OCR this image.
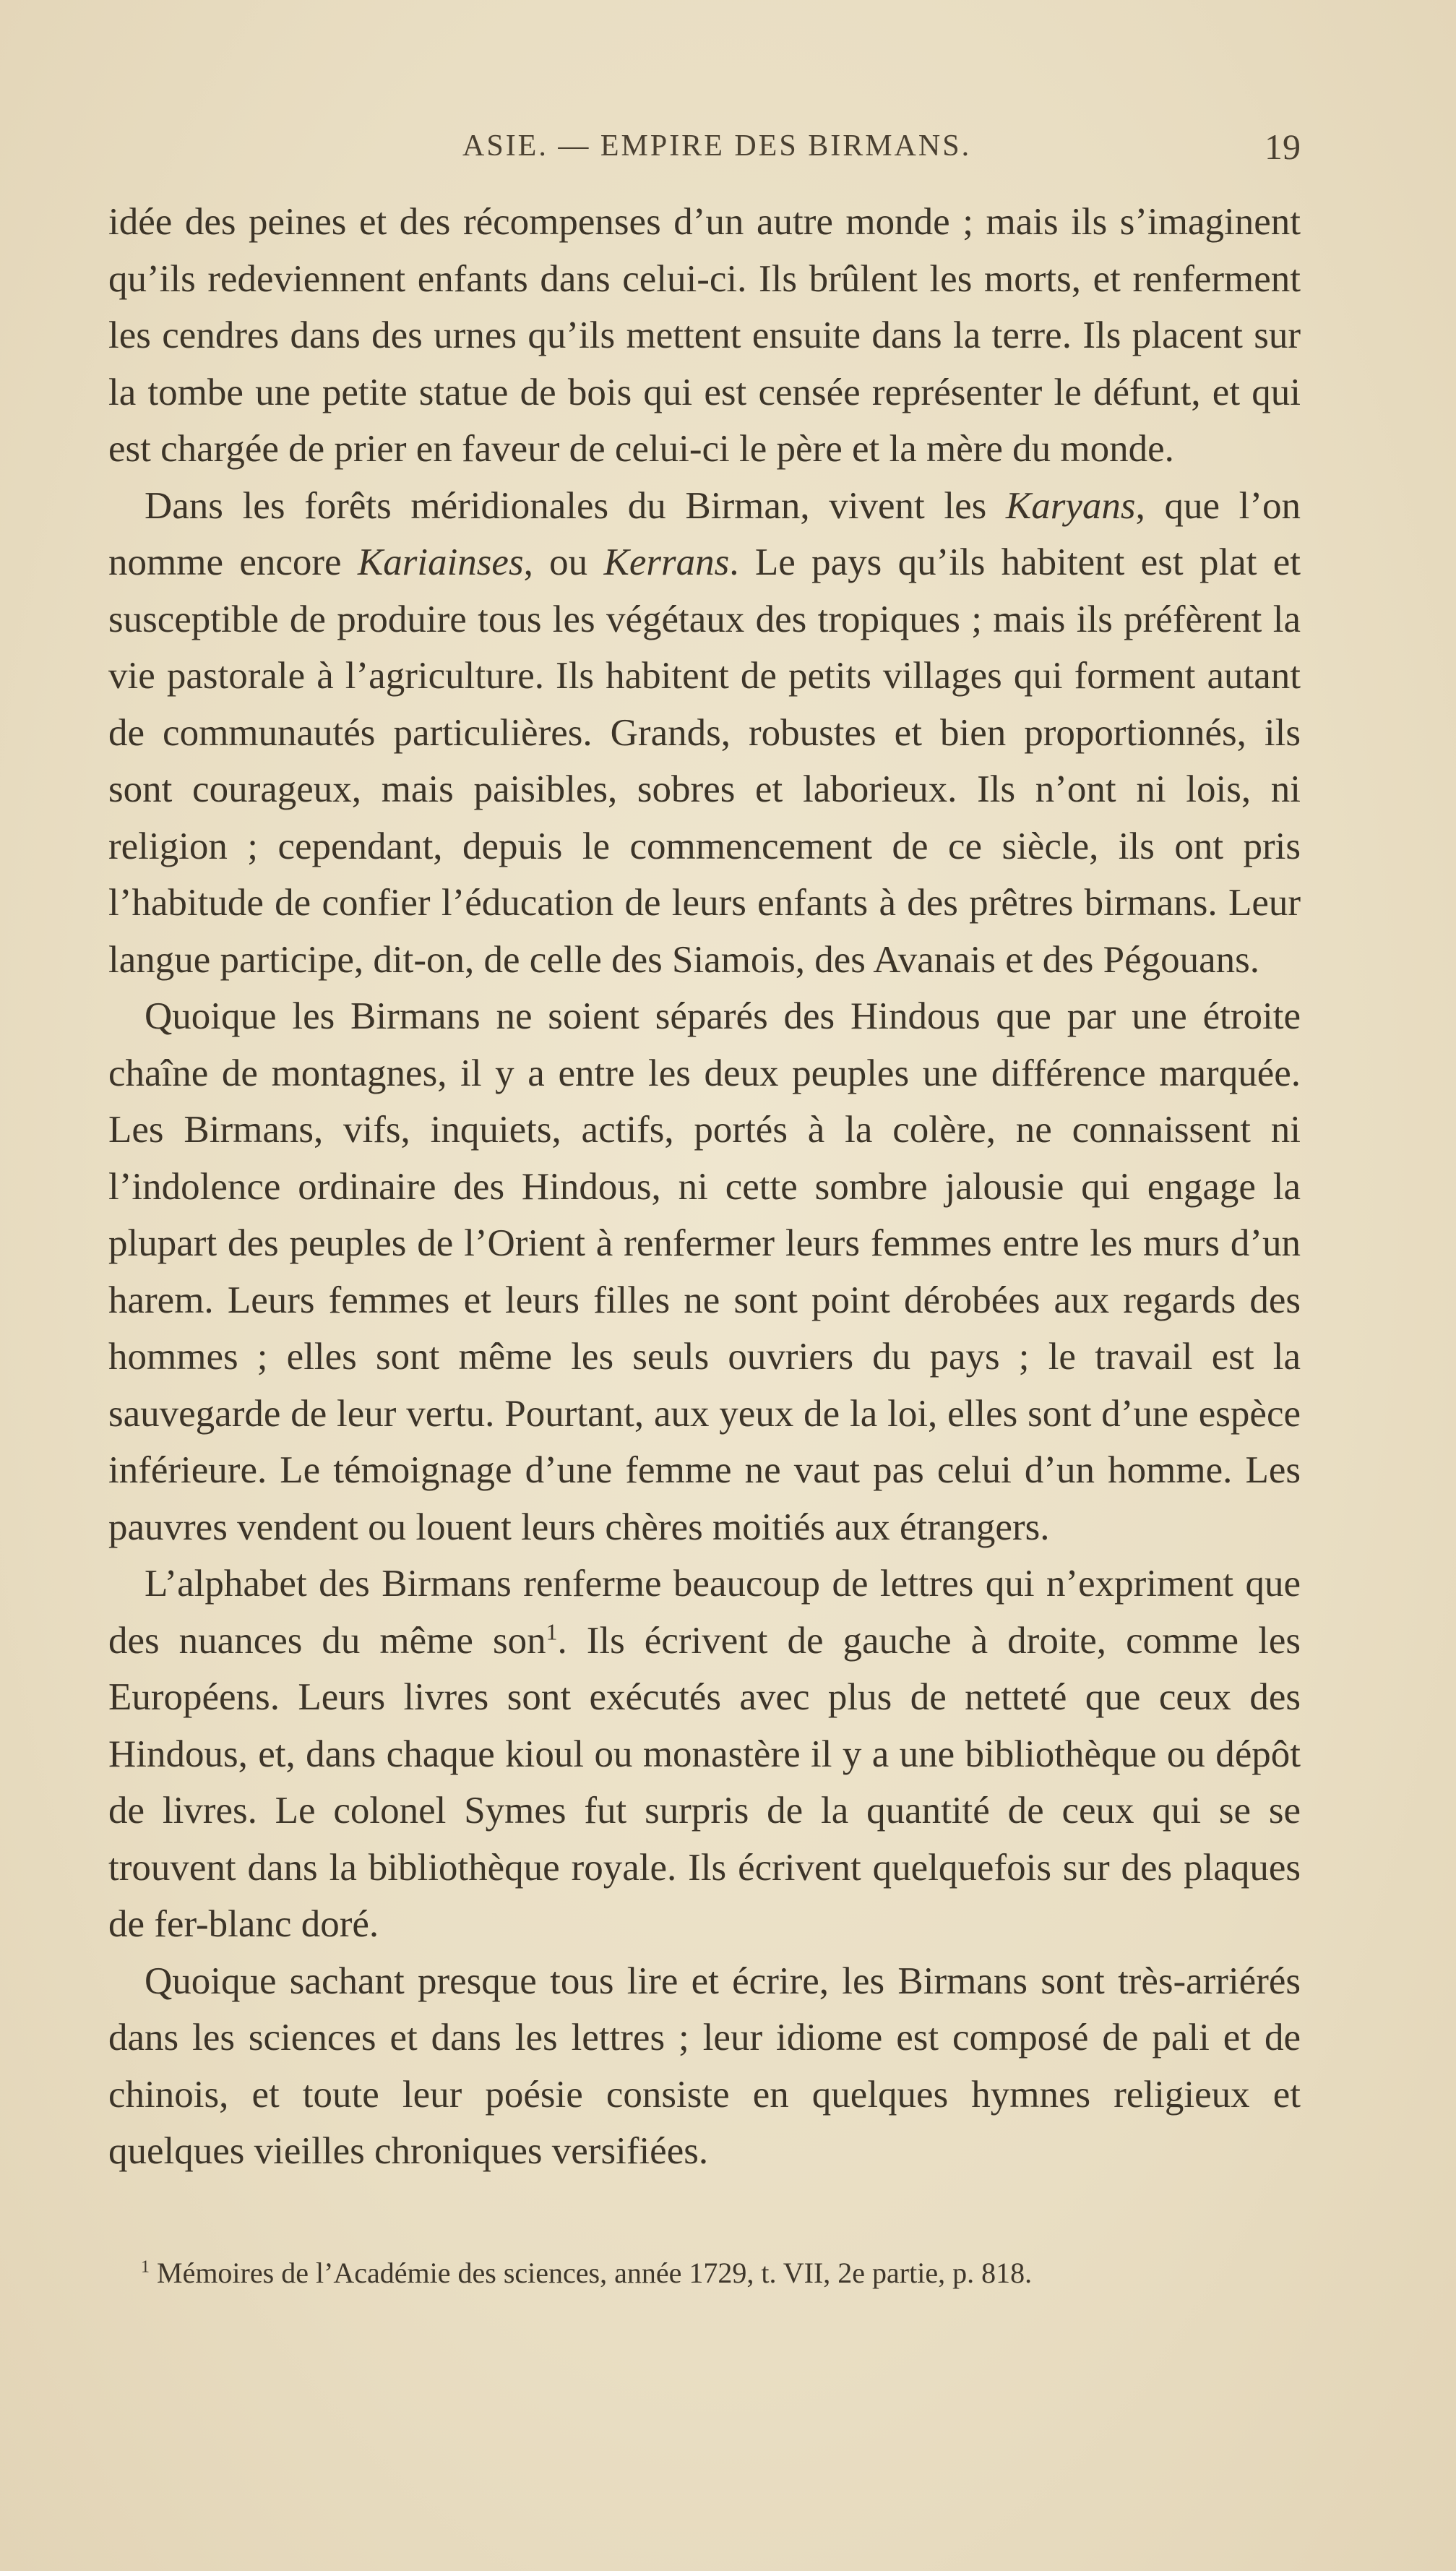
ASIE. — EMPIRE DES BIRMANS.	19

idée des peines et des récompenses d’un autre monde ; mais ils s’imaginent qu’ils redeviennent enfants dans celui-ci. Ils brûlent les morts, et renferment les cendres dans des urnes qu’ils mettent ensuite dans la terre. Ils placent sur la tombe une petite statue de bois qui est censée représenter le défunt, et qui est chargée de prier en faveur de celui-ci le père et la mère du monde.

Dans les forêts méridionales du Birman, vivent les Karyans, que l’on nomme encore Kariainses, ou Kerrans. Le pays qu’ils habitent est plat et susceptible de produire tous les végétaux des tropiques ; mais ils préfèrent la vie pastorale à l’agriculture. Ils habitent de petits villages qui forment autant de communautés particulières. Grands, robustes et bien proportionnés, ils sont courageux, mais paisibles, sobres et laborieux. Ils n’ont ni lois, ni religion ; cependant, depuis le commencement de ce siècle, ils ont pris l’habitude de confier l’éducation de leurs enfants à des prêtres birmans. Leur langue participe, dit-on, de celle des Siamois, des Avanais et des Pégouans.

Quoique les Birmans ne soient séparés des Hindous que par une étroite chaîne de montagnes, il y a entre les deux peuples une différence marquée. Les Birmans, vifs, inquiets, actifs, portés à la colère, ne connaissent ni l’indolence ordinaire des Hindous, ni cette sombre jalousie qui engage la plupart des peuples de l’Orient à renfermer leurs femmes entre les murs d’un harem. Leurs femmes et leurs filles ne sont point dérobées aux regards des hommes ; elles sont même les seuls ouvriers du pays ; le travail est la sauvegarde de leur vertu. Pourtant, aux yeux de la loi, elles sont d’une espèce inférieure. Le témoignage d’une femme ne vaut pas celui d’un homme. Les pauvres vendent ou louent leurs chères moitiés aux étrangers.

L’alphabet des Birmans renferme beaucoup de lettres qui n’expriment que des nuances du même son$^1$. Ils écrivent de gauche à droite, comme les Européens. Leurs livres sont exécutés avec plus de netteté que ceux des Hindous, et, dans chaque kioul ou monastère il y a une bibliothèque ou dépôt de livres. Le colonel Symes fut surpris de la quantité de ceux qui se se trouvent dans la bibliothèque royale. Ils écrivent quelquefois sur des plaques de fer-blanc doré.

Quoique sachant presque tous lire et écrire, les Birmans sont très-arriérés dans les sciences et dans les lettres ; leur idiome est composé de pali et de chinois, et toute leur poésie consiste en quelques hymnes religieux et quelques vieilles chroniques versifiées.

$^1$ Mémoires de l’Académie des sciences, année 1729, t. VII, 2e partie, p. 818.
